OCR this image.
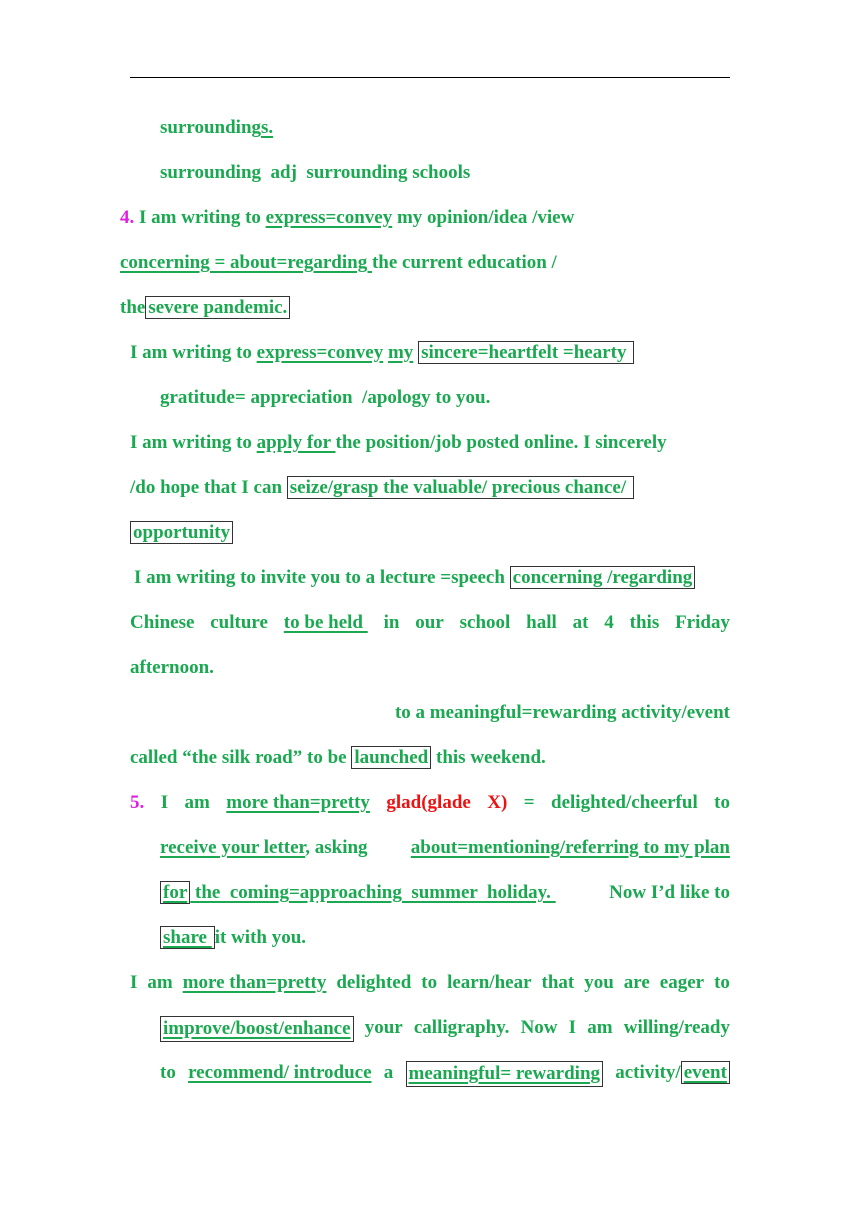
surroundings.
surrounding  adj  surrounding schools
4. I am writing to express=convey my opinion/idea /view
concerning = about=regarding the current education /
the severe pandemic.
I am writing to express=convey my sincere=heartfelt =hearty
gratitude= appreciation  /apology to you.
I am writing to apply for the position/job posted online. I sincerely
/do hope that I can seize/grasp the valuable/ precious chance/
opportunity
I am writing to invite you to a lecture =speech concerning /regarding
Chinese culture to be held in our school hall at 4 this Friday
afternoon.
to a meaningful=rewarding activity/event
called “the silk road” to be launched this weekend.
5. I am more than=pretty glad(glade X) = delighted/cheerful to
receive your letter, asking about=mentioning/referring to my plan
for the  coming=approaching  summer  holiday.	Now I’d like to
share it with you.
I am more than=pretty delighted to learn/hear that you are eager to
improve/boost/enhance your calligraphy. Now I am willing/ready
to recommend/ introduce a meaningful= rewarding activity/ event
